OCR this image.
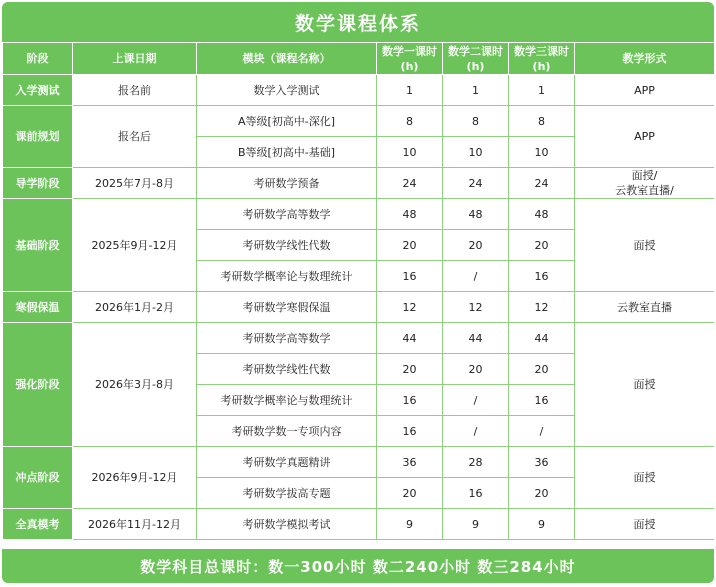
数学课程体系
阶段	上课日期	模块（课程名称）	数学一课时(h)	数学二课时(h)	数学三课时(h)	教学形式
入学测试	报名前	数学入学测试	1	1	1	APP
课前规划	报名后	A等级[初高中-深化]	8	8	8	APP
		B等级[初高中-基础]	10	10	10	
导学阶段	2025年7月-8月	考研数学预备	24	24	24	面授/
云教室直播/
基础阶段	2025年9月-12月	考研数学高等数学	48	48	48	面授
		考研数学线性代数	20	20	20	
		考研数学概率论与数理统计	16	/	16	
寒假保温	2026年1月-2月	考研数学寒假保温	12	12	12	云教室直播
强化阶段	2026年3月-8月	考研数学高等数学	44	44	44	面授
		考研数学线性代数	20	20	20	
		考研数学概率论与数理统计	16	/	16	
		考研数学数一专项内容	16	/	/	
冲点阶段	2026年9月-12月	考研数学真题精讲	36	28	36	面授
		考研数学拔高专题	20	16	20	
全真模考	2026年11月-12月	考研数学模拟考试	9	9	9	面授
数学科目总课时：数一300小时 数二240小时 数三284小时
